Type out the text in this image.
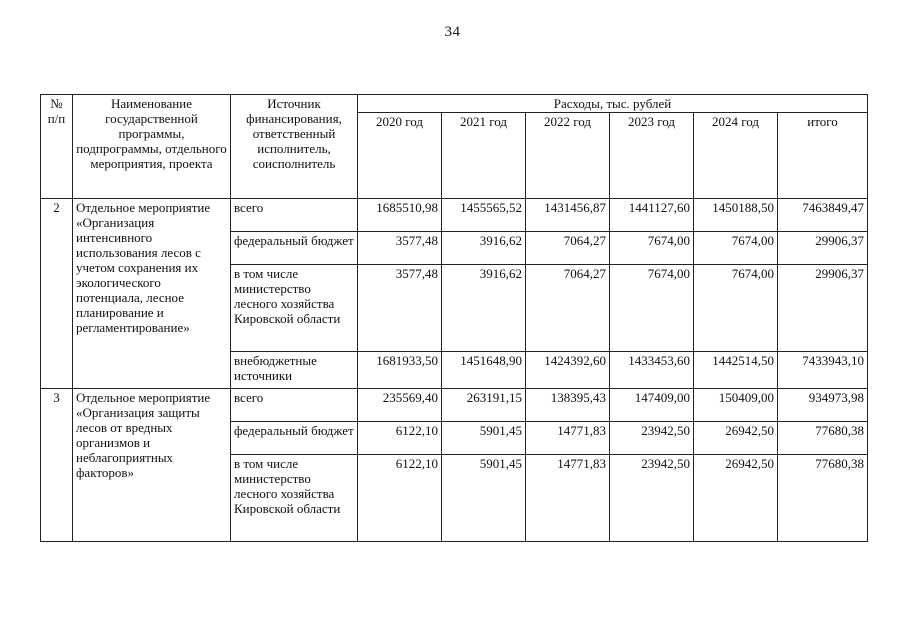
34
№ п/п	Наименование государственной программы, подпрограммы, отдельного мероприятия, проекта	Источник финансирования, ответственный исполнитель, соисполнитель	Расходы, тыс. рублей					
			2020 год	2021 год	2022 год	2023 год	2024 год	итого
2	Отдельное мероприятие «Организация интенсивного использования лесов с учетом сохранения их экологического потенциала, лесное планирование и регламентирование»	всего	1685510,98	1455565,52	1431456,87	1441127,60	1450188,50	7463849,47
		федеральный бюджет	3577,48	3916,62	7064,27	7674,00	7674,00	29906,37
		в том числе министерство лесного хозяйства Кировской области	3577,48	3916,62	7064,27	7674,00	7674,00	29906,37
		внебюджетные источники	1681933,50	1451648,90	1424392,60	1433453,60	1442514,50	7433943,10
3	Отдельное мероприятие «Организация защиты лесов от вредных организмов и неблагоприятных факторов»	всего	235569,40	263191,15	138395,43	147409,00	150409,00	934973,98
		федеральный бюджет	6122,10	5901,45	14771,83	23942,50	26942,50	77680,38
		в том числе министерство лесного хозяйства Кировской области	6122,10	5901,45	14771,83	23942,50	26942,50	77680,38
